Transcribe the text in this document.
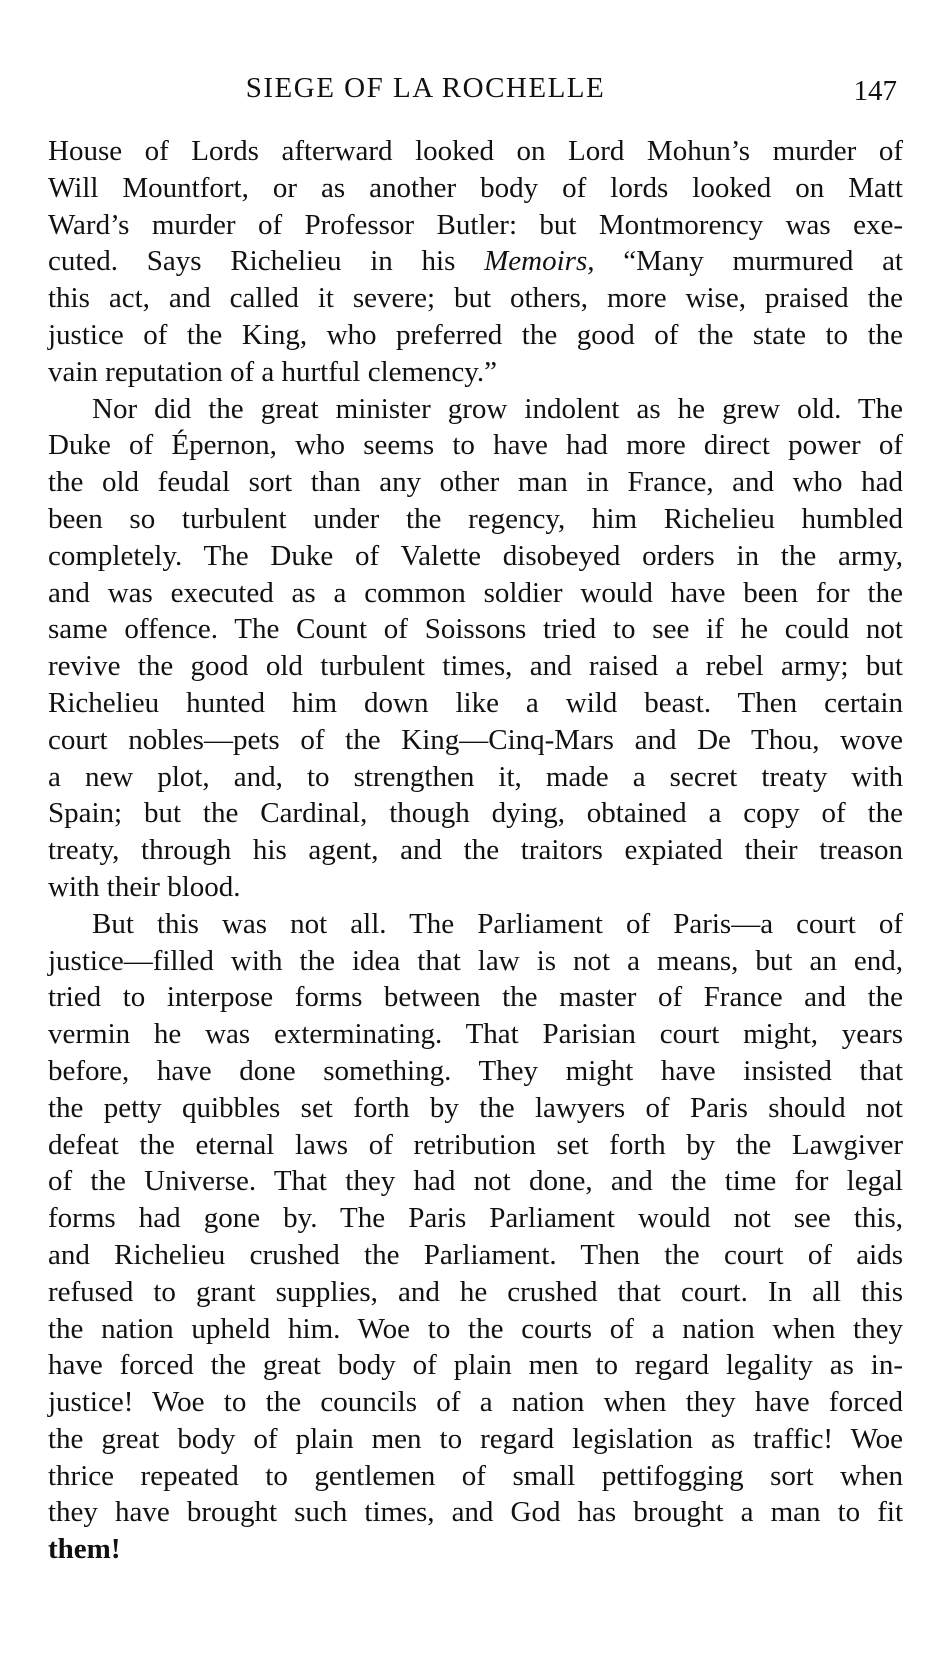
SIEGE OF LA ROCHELLE	147
House of Lords afterward looked on Lord Mohun’s murder of
Will Mountfort, or as another body of lords looked on Matt
Ward’s murder of Professor Butler: but Montmorency was exe-
cuted. Says Richelieu in his Memoirs, “Many murmured at
this act, and called it severe; but others, more wise, praised the
justice of the King, who preferred the good of the state to the
vain reputation of a hurtful clemency.”
Nor did the great minister grow indolent as he grew old. The
Duke of Épernon, who seems to have had more direct power of
the old feudal sort than any other man in France, and who had
been so turbulent under the regency, him Richelieu humbled
completely. The Duke of Valette disobeyed orders in the army,
and was executed as a common soldier would have been for the
same offence. The Count of Soissons tried to see if he could not
revive the good old turbulent times, and raised a rebel army; but
Richelieu hunted him down like a wild beast. Then certain
court nobles—pets of the King—Cinq-Mars and De Thou, wove
a new plot, and, to strengthen it, made a secret treaty with
Spain; but the Cardinal, though dying, obtained a copy of the
treaty, through his agent, and the traitors expiated their treason
with their blood.
But this was not all. The Parliament of Paris—a court of
justice—filled with the idea that law is not a means, but an end,
tried to interpose forms between the master of France and the
vermin he was exterminating. That Parisian court might, years
before, have done something. They might have insisted that
the petty quibbles set forth by the lawyers of Paris should not
defeat the eternal laws of retribution set forth by the Lawgiver
of the Universe. That they had not done, and the time for legal
forms had gone by. The Paris Parliament would not see this,
and Richelieu crushed the Parliament. Then the court of aids
refused to grant supplies, and he crushed that court. In all this
the nation upheld him. Woe to the courts of a nation when they
have forced the great body of plain men to regard legality as in-
justice! Woe to the councils of a nation when they have forced
the great body of plain men to regard legislation as traffic! Woe
thrice repeated to gentlemen of small pettifogging sort when
they have brought such times, and God has brought a man to fit
them!
